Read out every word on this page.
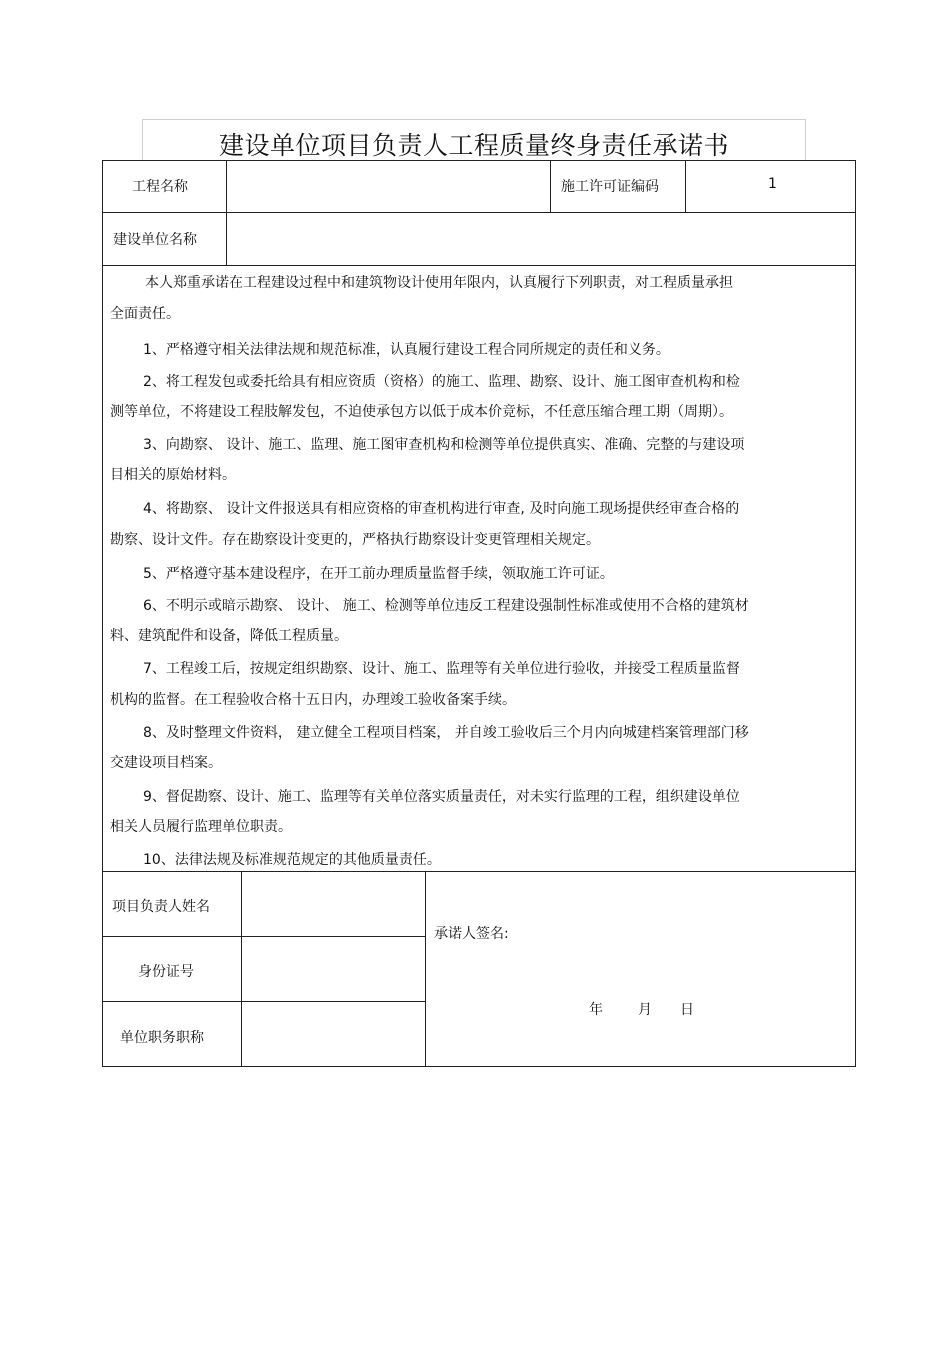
建设单位项目负责人工程质量终身责任承诺书
工程名称	施工许可证编码	1
建设单位名称
本人郑重承诺在工程建设过程中和建筑物设计使用年限内，认真履行下列职责，对工程质量承担
全面责任。
1、严格遵守相关法律法规和规范标准，认真履行建设工程合同所规定的责任和义务。
2、将工程发包或委托给具有相应资质（资格）的施工、监理、勘察、设计、施工图审查机构和检
测等单位，不将建设工程肢解发包，不迫使承包方以低于成本价竞标，不任意压缩合理工期（周期）。
3、向勘察、 设计、施工、监理、施工图审查机构和检测等单位提供真实、准确、完整的与建设项
目相关的原始材料。
4、将勘察、 设计文件报送具有相应资格的审查机构进行审查, 及时向施工现场提供经审查合格的
勘察、设计文件。存在勘察设计变更的，严格执行勘察设计变更管理相关规定。
5、严格遵守基本建设程序，在开工前办理质量监督手续，领取施工许可证。
6、不明示或暗示勘察、 设计、 施工、检测等单位违反工程建设强制性标准或使用不合格的建筑材
料、建筑配件和设备，降低工程质量。
7、工程竣工后，按规定组织勘察、设计、施工、监理等有关单位进行验收，并接受工程质量监督
机构的监督。在工程验收合格十五日内，办理竣工验收备案手续。
8、及时整理文件资料， 建立健全工程项目档案， 并自竣工验收后三个月内向城建档案管理部门移
交建设项目档案。
9、督促勘察、设计、施工、监理等有关单位落实质量责任，对未实行监理的工程，组织建设单位
相关人员履行监理单位职责。
10、法律法规及标准规范规定的其他质量责任。
项目负责人姓名
身份证号
单位职务职称
承诺人签名:
年	月 日
